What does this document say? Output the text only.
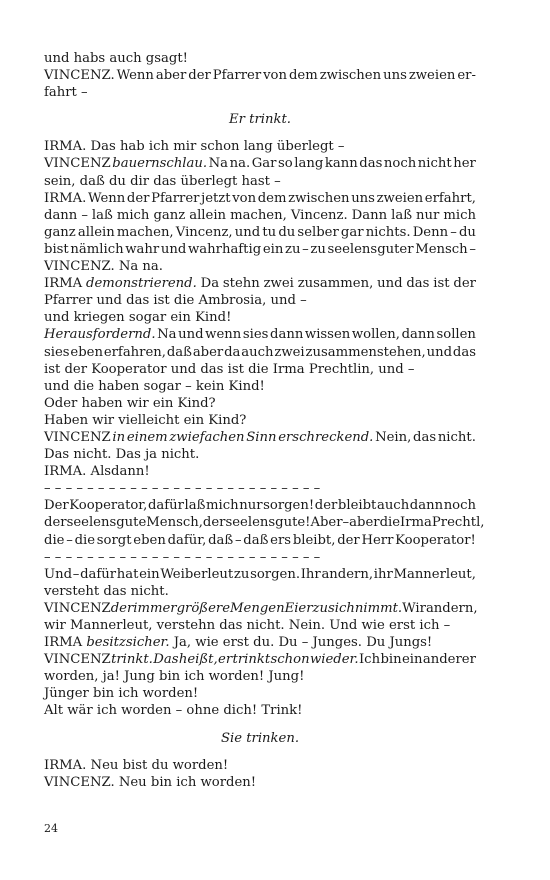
und habs auch gsagt!
VINCENZ. Wenn aber der Pfarrer von dem zwischen uns zweien er-
fahrt –
Er trinkt.
IRMA. Das hab ich mir schon lang überlegt –
VINCENZ bauernschlau. Na na. Gar so lang kann das noch nicht her
sein, daß du dir das überlegt hast –
IRMA. Wenn der Pfarrer jetzt von dem zwischen uns zweien erfahrt,
dann – laß mich ganz allein machen, Vincenz. Dann laß nur mich
ganz allein machen, Vincenz, und tu du selber gar nichts. Denn – du
bist nämlich wahr und wahrhaftig ein zu – zu seelensguter Mensch –
VINCENZ. Na na.
IRMA demonstrierend. Da stehn zwei zusammen, und das ist der
Pfarrer und das ist die Ambrosia, und –
und kriegen sogar ein Kind!
Herausfordernd. Na und wenn sies dann wissen wollen, dann sollen
sies eben erfahren, daß aber da auch zwei zusammenstehen, und das
ist der Kooperator und das ist die Irma Prechtlin, und –
und die haben sogar – kein Kind!
Oder haben wir ein Kind?
Haben wir vielleicht ein Kind?
VINCENZ in einem zwiefachen Sinn erschreckend. Nein, das nicht.
Das nicht. Das ja nicht.
IRMA. Alsdann!
– – – – – – – – – – – – – – – – – – – – – – – – – –
Der Kooperator, dafür laß mich nur sorgen! der bleibt auch dann noch
der seelensgute Mensch, der seelensgute! Aber – aber die Irma Prechtl,
die – die sorgt eben dafür, daß – daß ers bleibt, der Herr Kooperator!
– – – – – – – – – – – – – – – – – – – – – – – – – –
Und – dafür hat ein Weiberleut zu sorgen. Ihr andern, ihr Mannerleut,
versteht das nicht.
VINCENZ der immer größere Mengen Eier zu sich nimmt. Wir andern,
wir Mannerleut, verstehn das nicht. Nein. Und wie erst ich –
IRMA besitzsicher. Ja, wie erst du. Du – Junges. Du Jungs!
VINCENZ trinkt. Das heißt, er trinkt schon wieder. Ich bin ein anderer
worden, ja! Jung bin ich worden! Jung!
Jünger bin ich worden!
Alt wär ich worden – ohne dich! Trink!
Sie trinken.
IRMA. Neu bist du worden!
VINCENZ. Neu bin ich worden!
24
